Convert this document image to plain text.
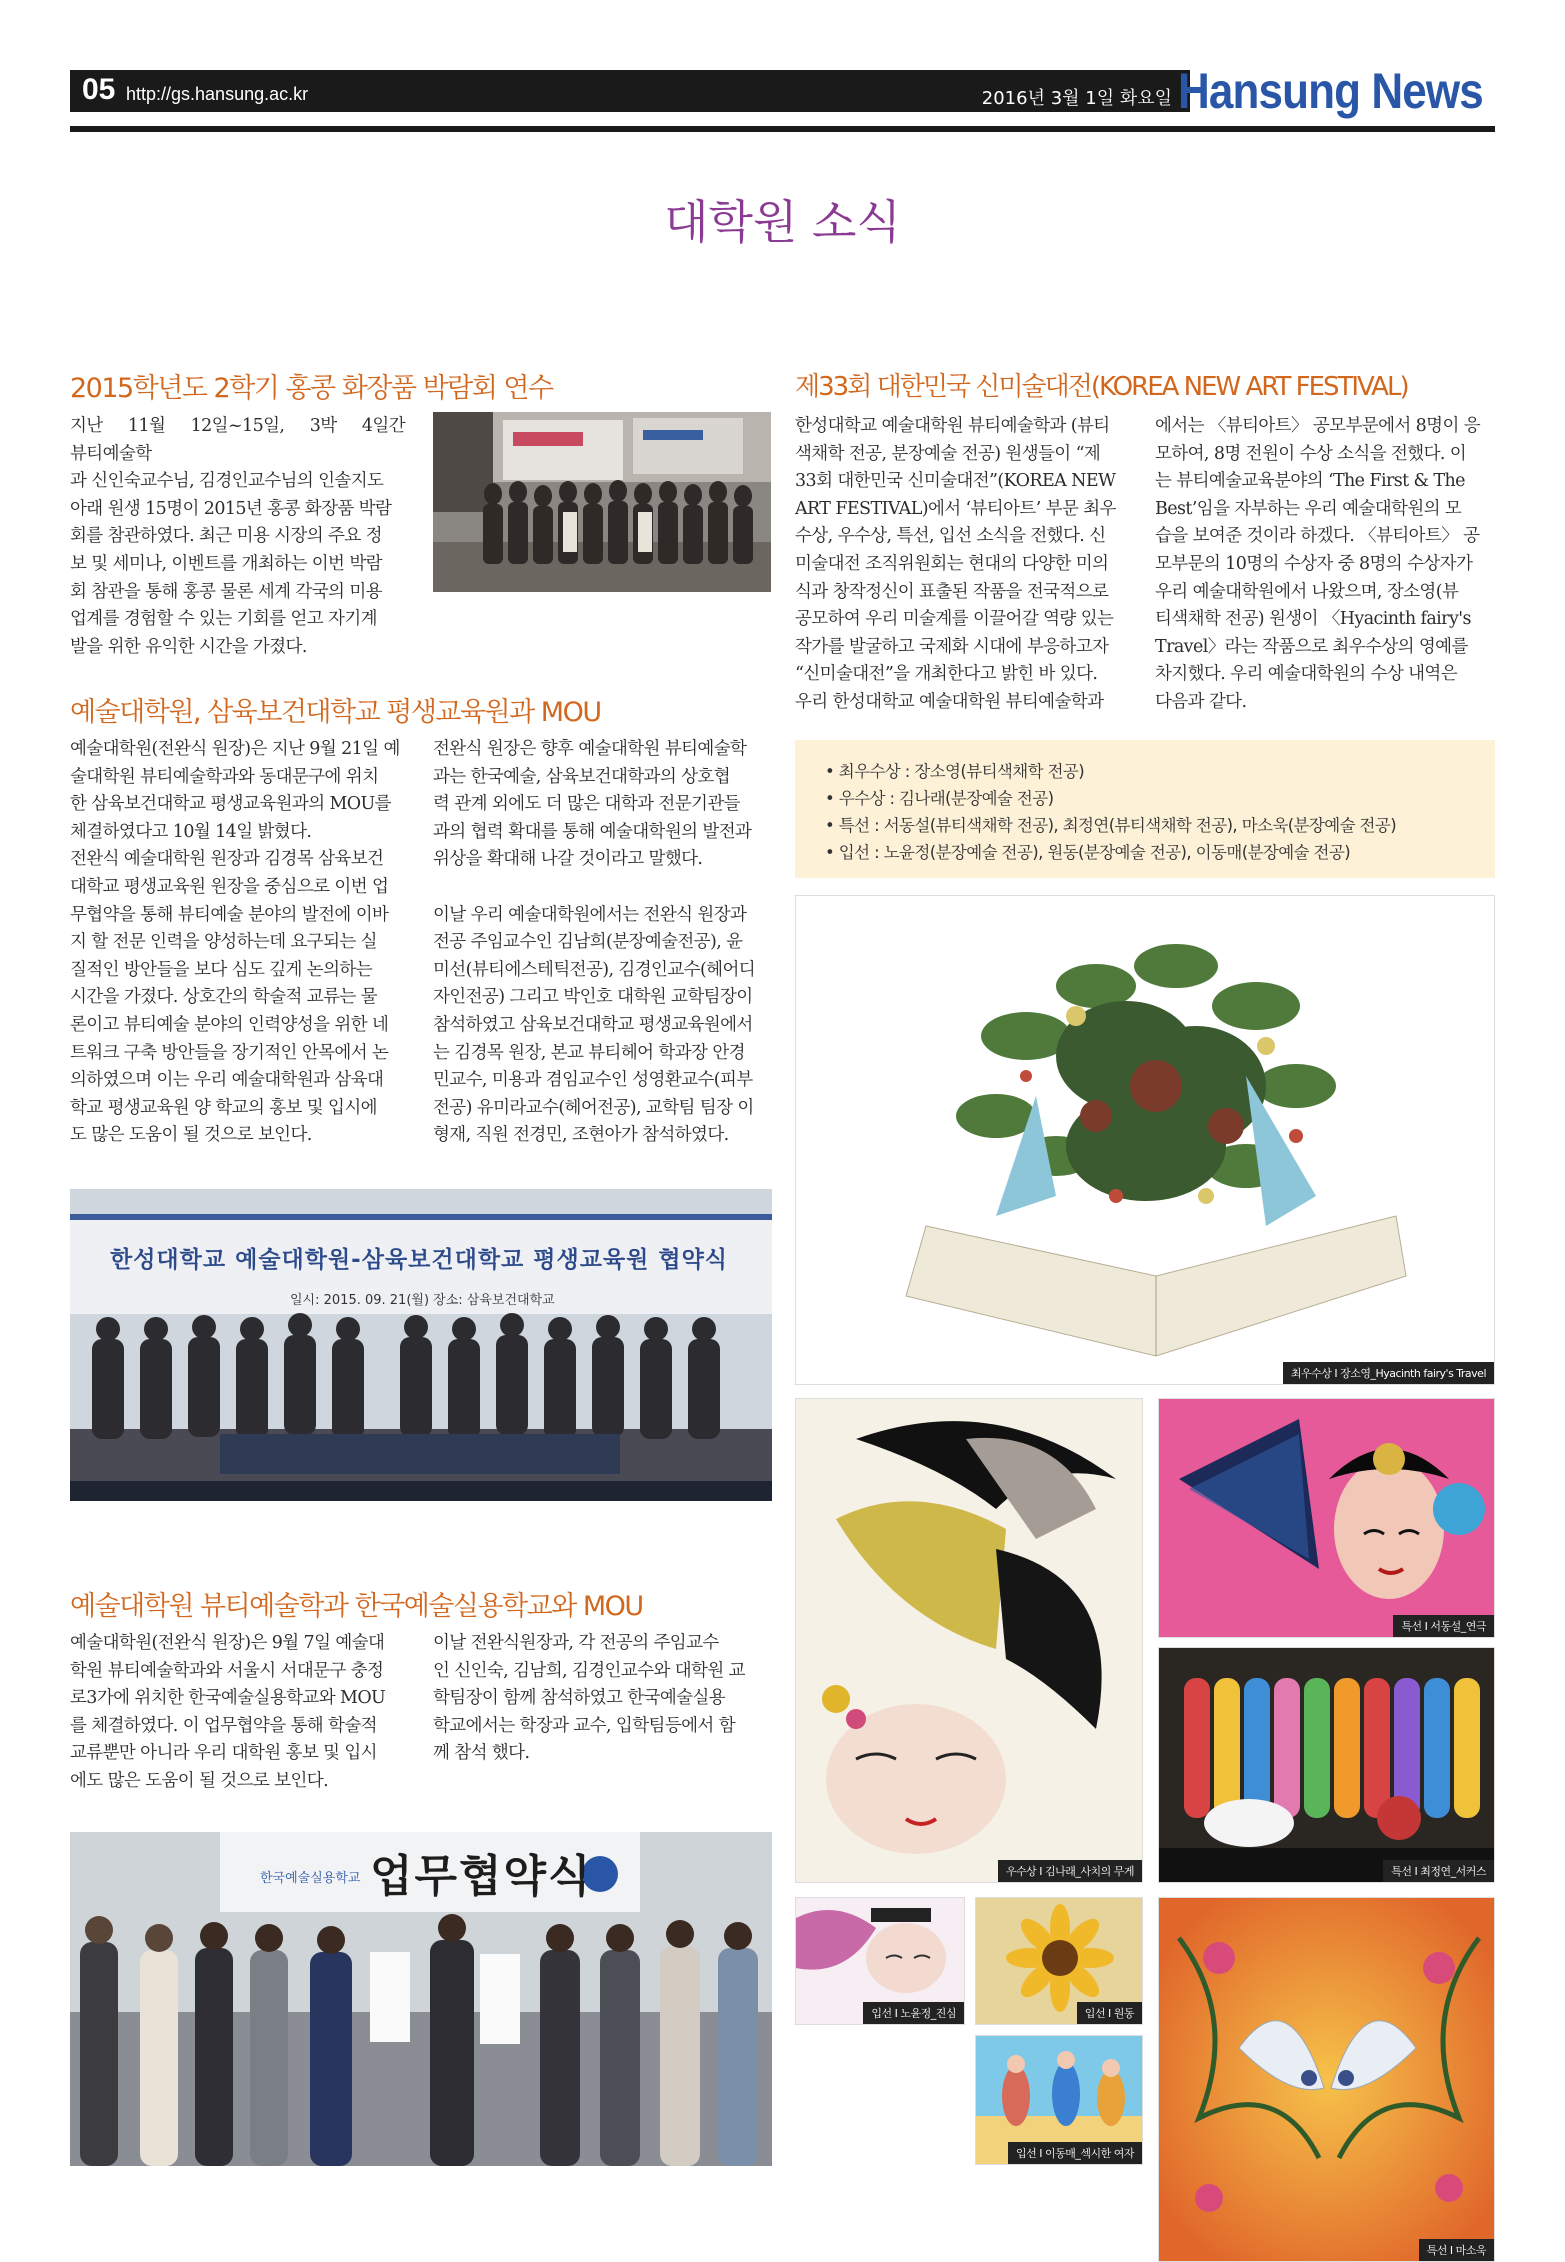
05 http://gs.hansung.ac.kr	2016년 3월 1일 화요일 Hansung News
대학원 소식
2015학년도 2학기 홍콩 화장품 박람회 연수
지난 11월 12일~15일, 3박 4일간 뷰티예술학
과 신인숙교수님, 김경인교수님의 인솔지도
아래 원생 15명이 2015년 홍콩 화장품 박람
회를 참관하였다. 최근 미용 시장의 주요 정
보 및 세미나, 이벤트를 개최하는 이번 박람
회 참관을 통해 홍콩 물론 세계 각국의 미용
업계를 경험할 수 있는 기회를 얻고 자기계
발을 위한 유익한 시간을 가졌다.
예술대학원, 삼육보건대학교 평생교육원과 MOU
예술대학원(전완식 원장)은 지난 9월 21일 예
술대학원 뷰티예술학과와 동대문구에 위치
한 삼육보건대학교 평생교육원과의 MOU를
체결하였다고 10월 14일 밝혔다.
전완식 예술대학원 원장과 김경목 삼육보건
대학교 평생교육원 원장을 중심으로 이번 업
무협약을 통해 뷰티예술 분야의 발전에 이바
지 할 전문 인력을 양성하는데 요구되는 실
질적인 방안들을 보다 심도 깊게 논의하는
시간을 가졌다. 상호간의 학술적 교류는 물
론이고 뷰티예술 분야의 인력양성을 위한 네
트워크 구축 방안들을 장기적인 안목에서 논
의하였으며 이는 우리 예술대학원과 삼육대
학교 평생교육원 양 학교의 홍보 및 입시에
도 많은 도움이 될 것으로 보인다.
전완식 원장은 향후 예술대학원 뷰티예술학
과는 한국예술, 삼육보건대학과의 상호협
력 관계 외에도 더 많은 대학과 전문기관들
과의 협력 확대를 통해 예술대학원의 발전과
위상을 확대해 나갈 것이라고 말했다.
이날 우리 예술대학원에서는 전완식 원장과
전공 주임교수인 김남희(분장예술전공), 윤
미선(뷰티에스테틱전공), 김경인교수(헤어디
자인전공) 그리고 박인호 대학원 교학팀장이
참석하였고 삼육보건대학교 평생교육원에서
는 김경목 원장, 본교 뷰티헤어 학과장 안경
민교수, 미용과 겸임교수인 성영환교수(피부
전공) 유미라교수(헤어전공), 교학팀 팀장 이
형재, 직원 전경민, 조현아가 참석하였다.
한성대학교 예술대학원-삼육보건대학교 평생교육원 협약식
일시: 2015. 09. 21(월) 장소: 삼육보건대학교
예술대학원 뷰티예술학과 한국예술실용학교와 MOU
예술대학원(전완식 원장)은 9월 7일 예술대
학원 뷰티예술학과와 서울시 서대문구 충정
로3가에 위치한 한국예술실용학교와 MOU
를 체결하였다. 이 업무협약을 통해 학술적
교류뿐만 아니라 우리 대학원 홍보 및 입시
에도 많은 도움이 될 것으로 보인다.
이날 전완식원장과, 각 전공의 주임교수
인 신인숙, 김남희, 김경인교수와 대학원 교
학팀장이 함께 참석하였고 한국예술실용
학교에서는 학장과 교수, 입학팀등에서 함
께 참석 했다.
한국예술실용학교 업무협약식
제33회 대한민국 신미술대전(KOREA NEW ART FESTIVAL)
한성대학교 예술대학원 뷰티예술학과 (뷰티
색채학 전공, 분장예술 전공) 원생들이 “제
33회 대한민국 신미술대전”(KOREA NEW
ART FESTIVAL)에서 ‘뷰티아트’ 부문 최우
수상, 우수상, 특선, 입선 소식을 전했다. 신
미술대전 조직위원회는 현대의 다양한 미의
식과 창작정신이 표출된 작품을 전국적으로
공모하여 우리 미술계를 이끌어갈 역량 있는
작가를 발굴하고 국제화 시대에 부응하고자
“신미술대전”을 개최한다고 밝힌 바 있다.
우리 한성대학교 예술대학원 뷰티예술학과
에서는 〈뷰티아트〉 공모부문에서 8명이 응
모하여, 8명 전원이 수상 소식을 전했다. 이
는 뷰티예술교육분야의 ‘The First & The
Best’임을 자부하는 우리 예술대학원의 모
습을 보여준 것이라 하겠다. 〈뷰티아트〉 공
모부문의 10명의 수상자 중 8명의 수상자가
우리 예술대학원에서 나왔으며, 장소영(뷰
티색채학 전공) 원생이 〈Hyacinth fairy's
Travel〉라는 작품으로 최우수상의 영예를
차지했다. 우리 예술대학원의 수상 내역은
다음과 같다.
• 최우수상 : 장소영(뷰티색채학 전공)
• 우수상 : 김나래(분장예술 전공)
• 특선 : 서동설(뷰티색채학 전공), 최정연(뷰티색채학 전공), 마소욱(분장예술 전공)
• 입선 : 노윤정(분장예술 전공), 원동(분장예술 전공), 이동매(분장예술 전공)
최우수상 I 장소영_Hyacinth fairy's Travel
우수상 I 김나래_사치의 무게
특선 I 서동설_연극
특선 I 최정연_서커스
입선 I 노윤정_진심	입선 I 원동
입선 I 이동매_섹시한 여자
특선 I 마소욱
